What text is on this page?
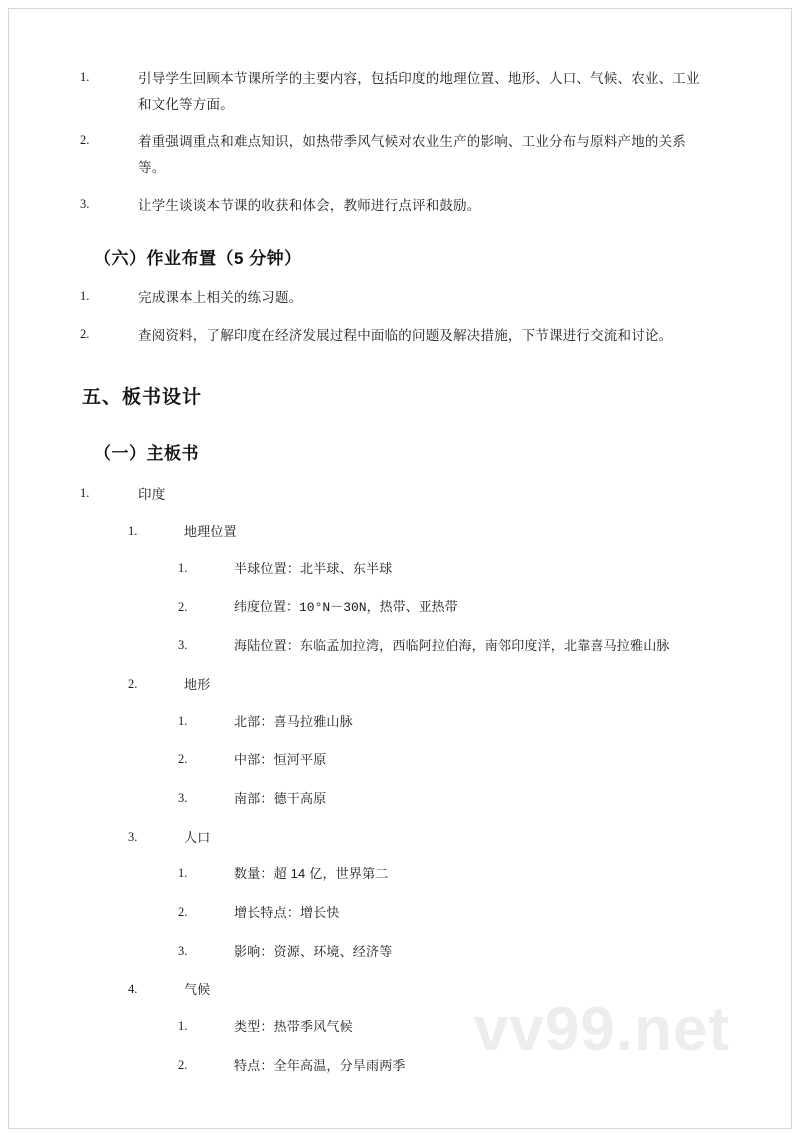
1.	引导学生回顾本节课所学的主要内容，包括印度的地理位置、地形、人口、气候、农业、工业和文化等方面。
2.	着重强调重点和难点知识，如热带季风气候对农业生产的影响、工业分布与原料产地的关系等。
3.	让学生谈谈本节课的收获和体会，教师进行点评和鼓励。
（六）作业布置（5 分钟）
1.	完成课本上相关的练习题。
2.	查阅资料，了解印度在经济发展过程中面临的问题及解决措施，下节课进行交流和讨论。
五、板书设计
（一）主板书
1.	印度
1.	地理位置
1.	半球位置：北半球、东半球
2.	纬度位置：10°N－30N，热带、亚热带
3.	海陆位置：东临孟加拉湾，西临阿拉伯海，南邻印度洋，北靠喜马拉雅山脉
2.	地形
1.	北部：喜马拉雅山脉
2.	中部：恒河平原
3.	南部：德干高原
3.	人口
1.	数量：超 14 亿，世界第二
2.	增长特点：增长快
3.	影响：资源、环境、经济等
4.	气候
1.	类型：热带季风气候
2.	特点：全年高温，分旱雨两季
vv99.net
